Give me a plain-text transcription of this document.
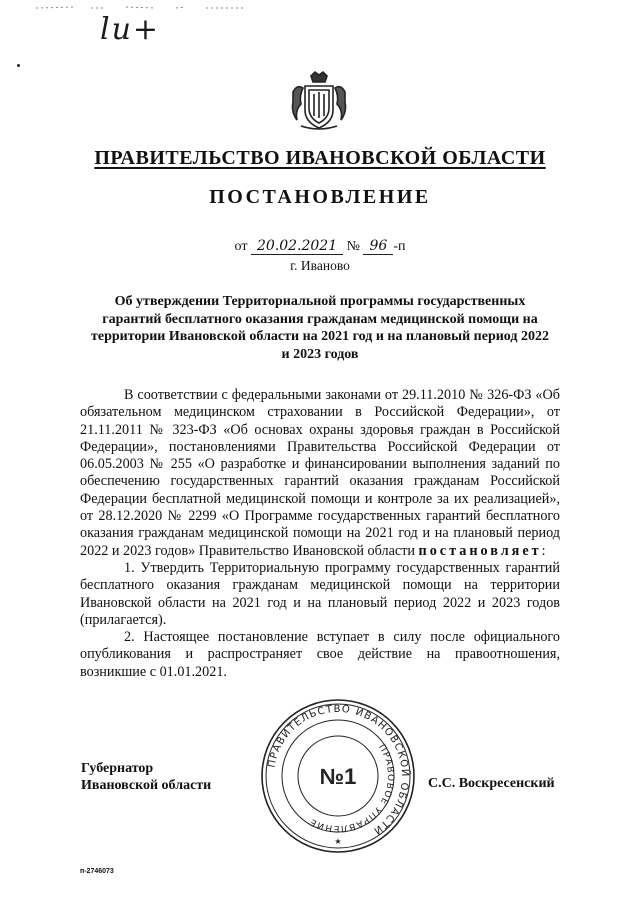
lи+
ПРАВИТЕЛЬСТВО ИВАНОВСКОЙ ОБЛАСТИ
ПОСТАНОВЛЕНИЕ
от 20.02.2021 № 96 -п
г. Иваново
Об утверждении Территориальной программы государственных гарантий бесплатного оказания гражданам медицинской помощи на территории Ивановской области на 2021 год и на плановый период 2022 и 2023 годов

В соответствии с федеральными законами от 29.11.2010 № 326-ФЗ «Об обязательном медицинском страховании в Российской Федерации», от 21.11.2011 № 323-ФЗ «Об основах охраны здоровья граждан в Российской Федерации», постановлениями Правительства Российской Федерации от 06.05.2003 № 255 «О разработке и финансировании выполнения заданий по обеспечению государственных гарантий оказания гражданам Российской Федерации бесплатной медицинской помощи и контроле за их реализацией», от 28.12.2020 № 2299 «О Программе государственных гарантий бесплатного оказания гражданам медицинской помощи на 2021 год и на плановый период 2022 и 2023 годов» Правительство Ивановской области постановляет:

1. Утвердить Территориальную программу государственных гарантий бесплатного оказания гражданам медицинской помощи на территории Ивановской области на 2021 год и на плановый период 2022 и 2023 годов (прилагается).

2. Настоящее постановление вступает в силу после официального опубликования и распространяет свое действие на правоотношения, возникшие с 01.01.2021.

Губернатор
Ивановской области	С.С. Воскресенский
ПРАВИТЕЛЬСТВО ИВАНОВСКОЙ ОБЛАСТИ
ПРАВОВОЕ УПРАВЛЕНИЕ
№1
★
п-2746073
